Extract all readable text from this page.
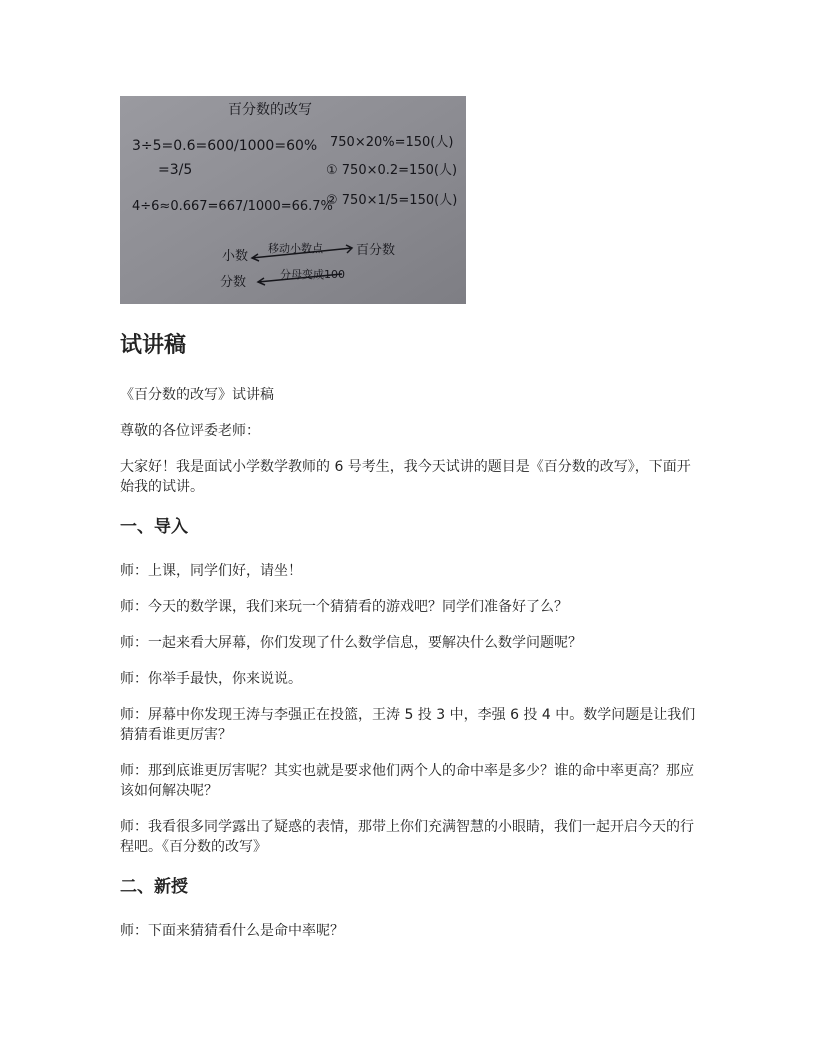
百分数的改写
3÷5=0.6=600/1000=60%
=3/5
4÷6≈0.667=667/1000=66.7%
750×20%=150(人)
① 750×0.2=150(人)
② 750×1/5=150(人)
小数
移动小数点	百分数
分数
分母变成100
试讲稿

《百分数的改写》试讲稿

尊敬的各位评委老师：

大家好！我是面试小学数学教师的 6 号考生，我今天试讲的题目是《百分数的改写》，下面开始我的试讲。

一、导入

师：上课，同学们好，请坐！

师：今天的数学课，我们来玩一个猜猜看的游戏吧？同学们准备好了么？

师：一起来看大屏幕，你们发现了什么数学信息，要解决什么数学问题呢？

师：你举手最快，你来说说。

师：屏幕中你发现王涛与李强正在投篮，王涛 5 投 3 中，李强 6 投 4 中。数学问题是让我们猜猜看谁更厉害？

师：那到底谁更厉害呢？其实也就是要求他们两个人的命中率是多少？谁的命中率更高？那应该如何解决呢？

师：我看很多同学露出了疑惑的表情，那带上你们充满智慧的小眼睛，我们一起开启今天的行程吧。《百分数的改写》

二、新授

师：下面来猜猜看什么是命中率呢？
